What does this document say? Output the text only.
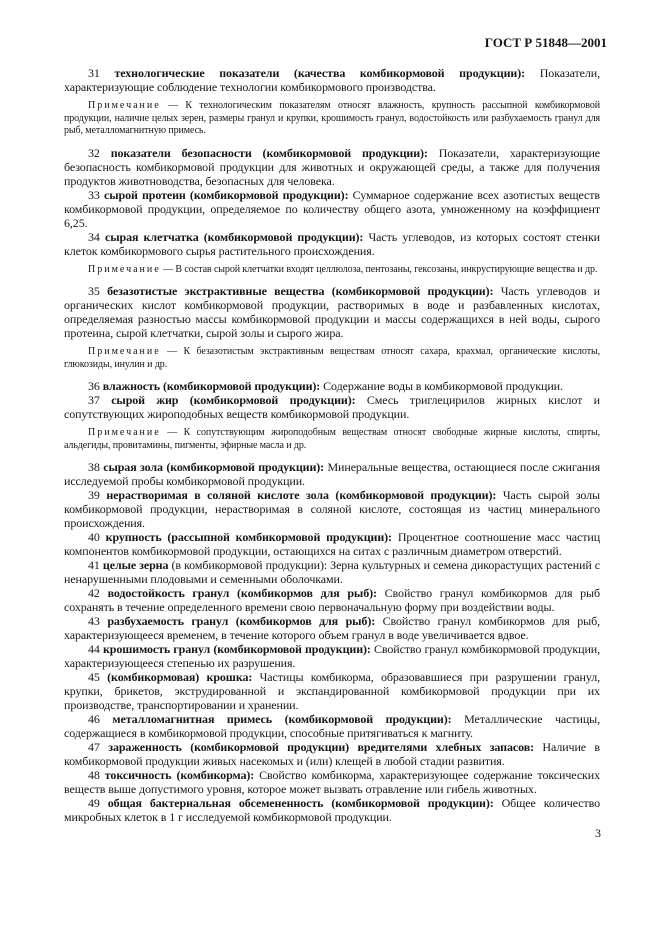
ГОСТ Р 51848—2001

31 технологические показатели (качества комбикормовой продукции): Показатели, характеризующие соблюдение технологии комбикормового производства.

Примечание — К технологическим показателям относят влажность, крупность рассыпной комбикормовой продукции, наличие целых зерен, размеры гранул и крупки, крошимость гранул, водостойкость или разбухаемость гранул для рыб, металломагнитную примесь.

32 показатели безопасности (комбикормовой продукции): Показатели, характеризующие безопасность комбикормовой продукции для животных и окружающей среды, а также для получения продуктов животноводства, безопасных для человека.

33 сырой протеин (комбикормовой продукции): Суммарное содержание всех азотистых веществ комбикормовой продукции, определяемое по количеству общего азота, умноженному на коэффициент 6,25.

34 сырая клетчатка (комбикормовой продукции): Часть углеводов, из которых состоят стенки клеток комбикормового сырья растительного происхождения.

Примечание — В состав сырой клетчатки входят целлюлоза, пентозаны, гексозаны, инкрустирующие вещества и др.

35 безазотистые экстрактивные вещества (комбикормовой продукции): Часть углеводов и органических кислот комбикормовой продукции, растворимых в воде и разбавленных кислотах, определяемая разностью массы комбикормовой продукции и массы содержащихся в ней воды, сырого протеина, сырой клетчатки, сырой золы и сырого жира.

Примечание — К безазотистым экстрактивным веществам относят сахара, крахмал, органические кислоты, глюкозиды, инулин и др.

36 влажность (комбикормовой продукции): Содержание воды в комбикормовой продукции.

37 сырой жир (комбикормовой продукции): Смесь триглецирилов жирных кислот и сопутствующих жироподобных веществ комбикормовой продукции.

Примечание — К сопутствующим жироподобным веществам относят свободные жирные кислоты, спирты, альдегиды, провитамины, пигменты, эфирные масла и др.

38 сырая зола (комбикормовой продукции): Минеральные вещества, остающиеся после сжигания исследуемой пробы комбикормовой продукции.

39 нерастворимая в соляной кислоте зола (комбикормовой продукции): Часть сырой золы комбикормовой продукции, нерастворимая в соляной кислоте, состоящая из частиц минерального происхождения.

40 крупность (рассыпной комбикормовой продукции): Процентное соотношение масс частиц компонентов комбикормовой продукции, остающихся на ситах с различным диаметром отверстий.

41 целые зерна (в комбикормовой продукции): Зерна культурных и семена дикорастущих растений с ненарушенными плодовыми и семенными оболочками.

42 водостойкость гранул (комбикормов для рыб): Свойство гранул комбикормов для рыб сохранять в течение определенного времени свою первоначальную форму при воздействии воды.

43 разбухаемость гранул (комбикормов для рыб): Свойство гранул комбикормов для рыб, характеризующееся временем, в течение которого объем гранул в воде увеличивается вдвое.

44 крошимость гранул (комбикормовой продукции): Свойство гранул комбикормовой продукции, характеризующееся степенью их разрушения.

45 (комбикормовая) крошка: Частицы комбикорма, образовавшиеся при разрушении гранул, крупки, брикетов, экструдированной и экспандированной комбикормовой продукции при их производстве, транспортировании и хранении.

46 металломагнитная примесь (комбикормовой продукции): Металлические частицы, содержащиеся в комбикормовой продукции, способные притягиваться к магниту.

47 зараженность (комбикормовой продукции) вредителями хлебных запасов: Наличие в комбикормовой продукции живых насекомых и (или) клещей в любой стадии развития.

48 токсичность (комбикорма): Свойство комбикорма, характеризующее содержание токсических веществ выше допустимого уровня, которое может вызвать отравление или гибель животных.

49 общая бактериальная обсемененность (комбикормовой продукции): Общее количество микробных клеток в 1 г исследуемой комбикормовой продукции.

3
